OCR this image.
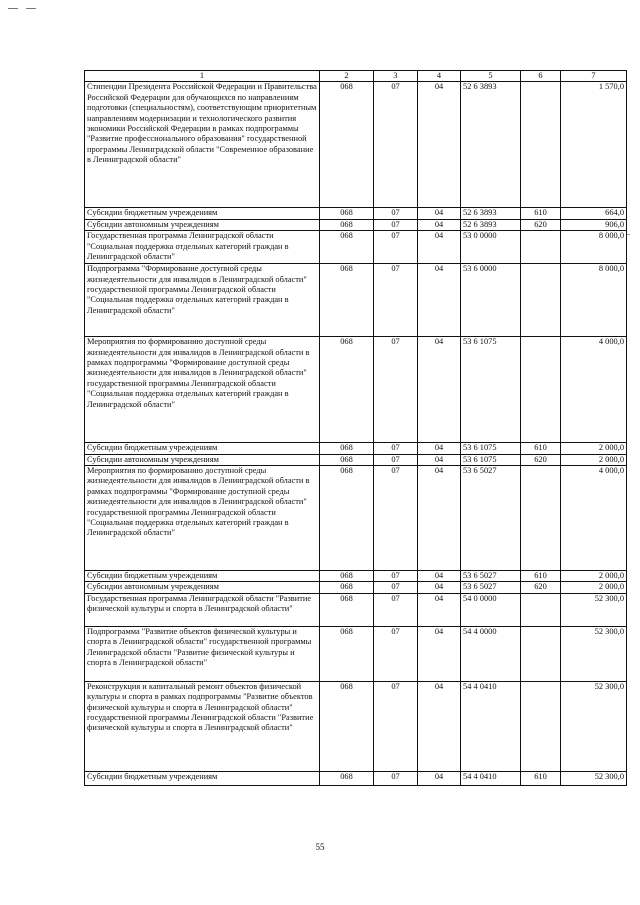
1	2	3	4	5	6	7
Стипендии Президента Российской Федерации и Правительства Российской Федерации для обучающихся по направлениям подготовки (специальностям), соответствующим приоритетным направлениям модернизации и технологического развития экономики Российской Федерации в рамках подпрограммы "Развитие профессионального образования" государственной программы Ленинградской области "Современное образование в Ленинградской области"	068	07	04	52 6 3893		1 570,0
Субсидии бюджетным учреждениям	068	07	04	52 6 3893	610	664,0
Субсидии автономным учреждениям	068	07	04	52 6 3893	620	906,0
Государственная программа Ленинградской области "Социальная поддержка отдельных категорий граждан в Ленинградской области"	068	07	04	53 0 0000		8 000,0
Подпрограмма "Формирование доступной среды жизнедеятельности для инвалидов в Ленинградской области" государственной программы Ленинградской области "Социальная поддержка отдельных категорий граждан в Ленинградской области"	068	07	04	53 6 0000		8 000,0
Мероприятия по формированию доступной среды жизнедеятельности для инвалидов в Ленинградской области в рамках подпрограммы "Формирование доступной среды жизнедеятельности для инвалидов в Ленинградской области" государственной программы Ленинградской области "Социальная поддержка отдельных категорий граждан в Ленинградской области"	068	07	04	53 6 1075		4 000,0
Субсидии бюджетным учреждениям	068	07	04	53 6 1075	610	2 000,0
Субсидии автономным учреждениям	068	07	04	53 6 1075	620	2 000,0
Мероприятия по формированию доступной среды жизнедеятельности для инвалидов в Ленинградской области в рамках подпрограммы "Формирование доступной среды жизнедеятельности для инвалидов в Ленинградской области" государственной программы Ленинградской области "Социальная поддержка отдельных категорий граждан в Ленинградской области"	068	07	04	53 6 5027		4 000,0
Субсидии бюджетным учреждениям	068	07	04	53 6 5027	610	2 000,0
Субсидии автономным учреждениям	068	07	04	53 6 5027	620	2 000,0
Государственная программа Ленинградской области "Развитие физической культуры и спорта в Ленинградской области"	068	07	04	54 0 0000		52 300,0
Подпрограмма "Развитие объектов физической культуры и спорта в Ленинградской области" государственной программы Ленинградской области "Развитие физической культуры и спорта в Ленинградской области"	068	07	04	54 4 0000		52 300,0
Реконструкция и капитальный ремонт объектов физической культуры и спорта в рамках подпрограммы "Развитие объектов физической культуры и спорта в Ленинградской области" государственной программы Ленинградской области "Развитие физической культуры и спорта в Ленинградской области"	068	07	04	54 4 0410		52 300,0
Субсидии бюджетным учреждениям	068	07	04	54 4 0410	610	52 300,0
55
